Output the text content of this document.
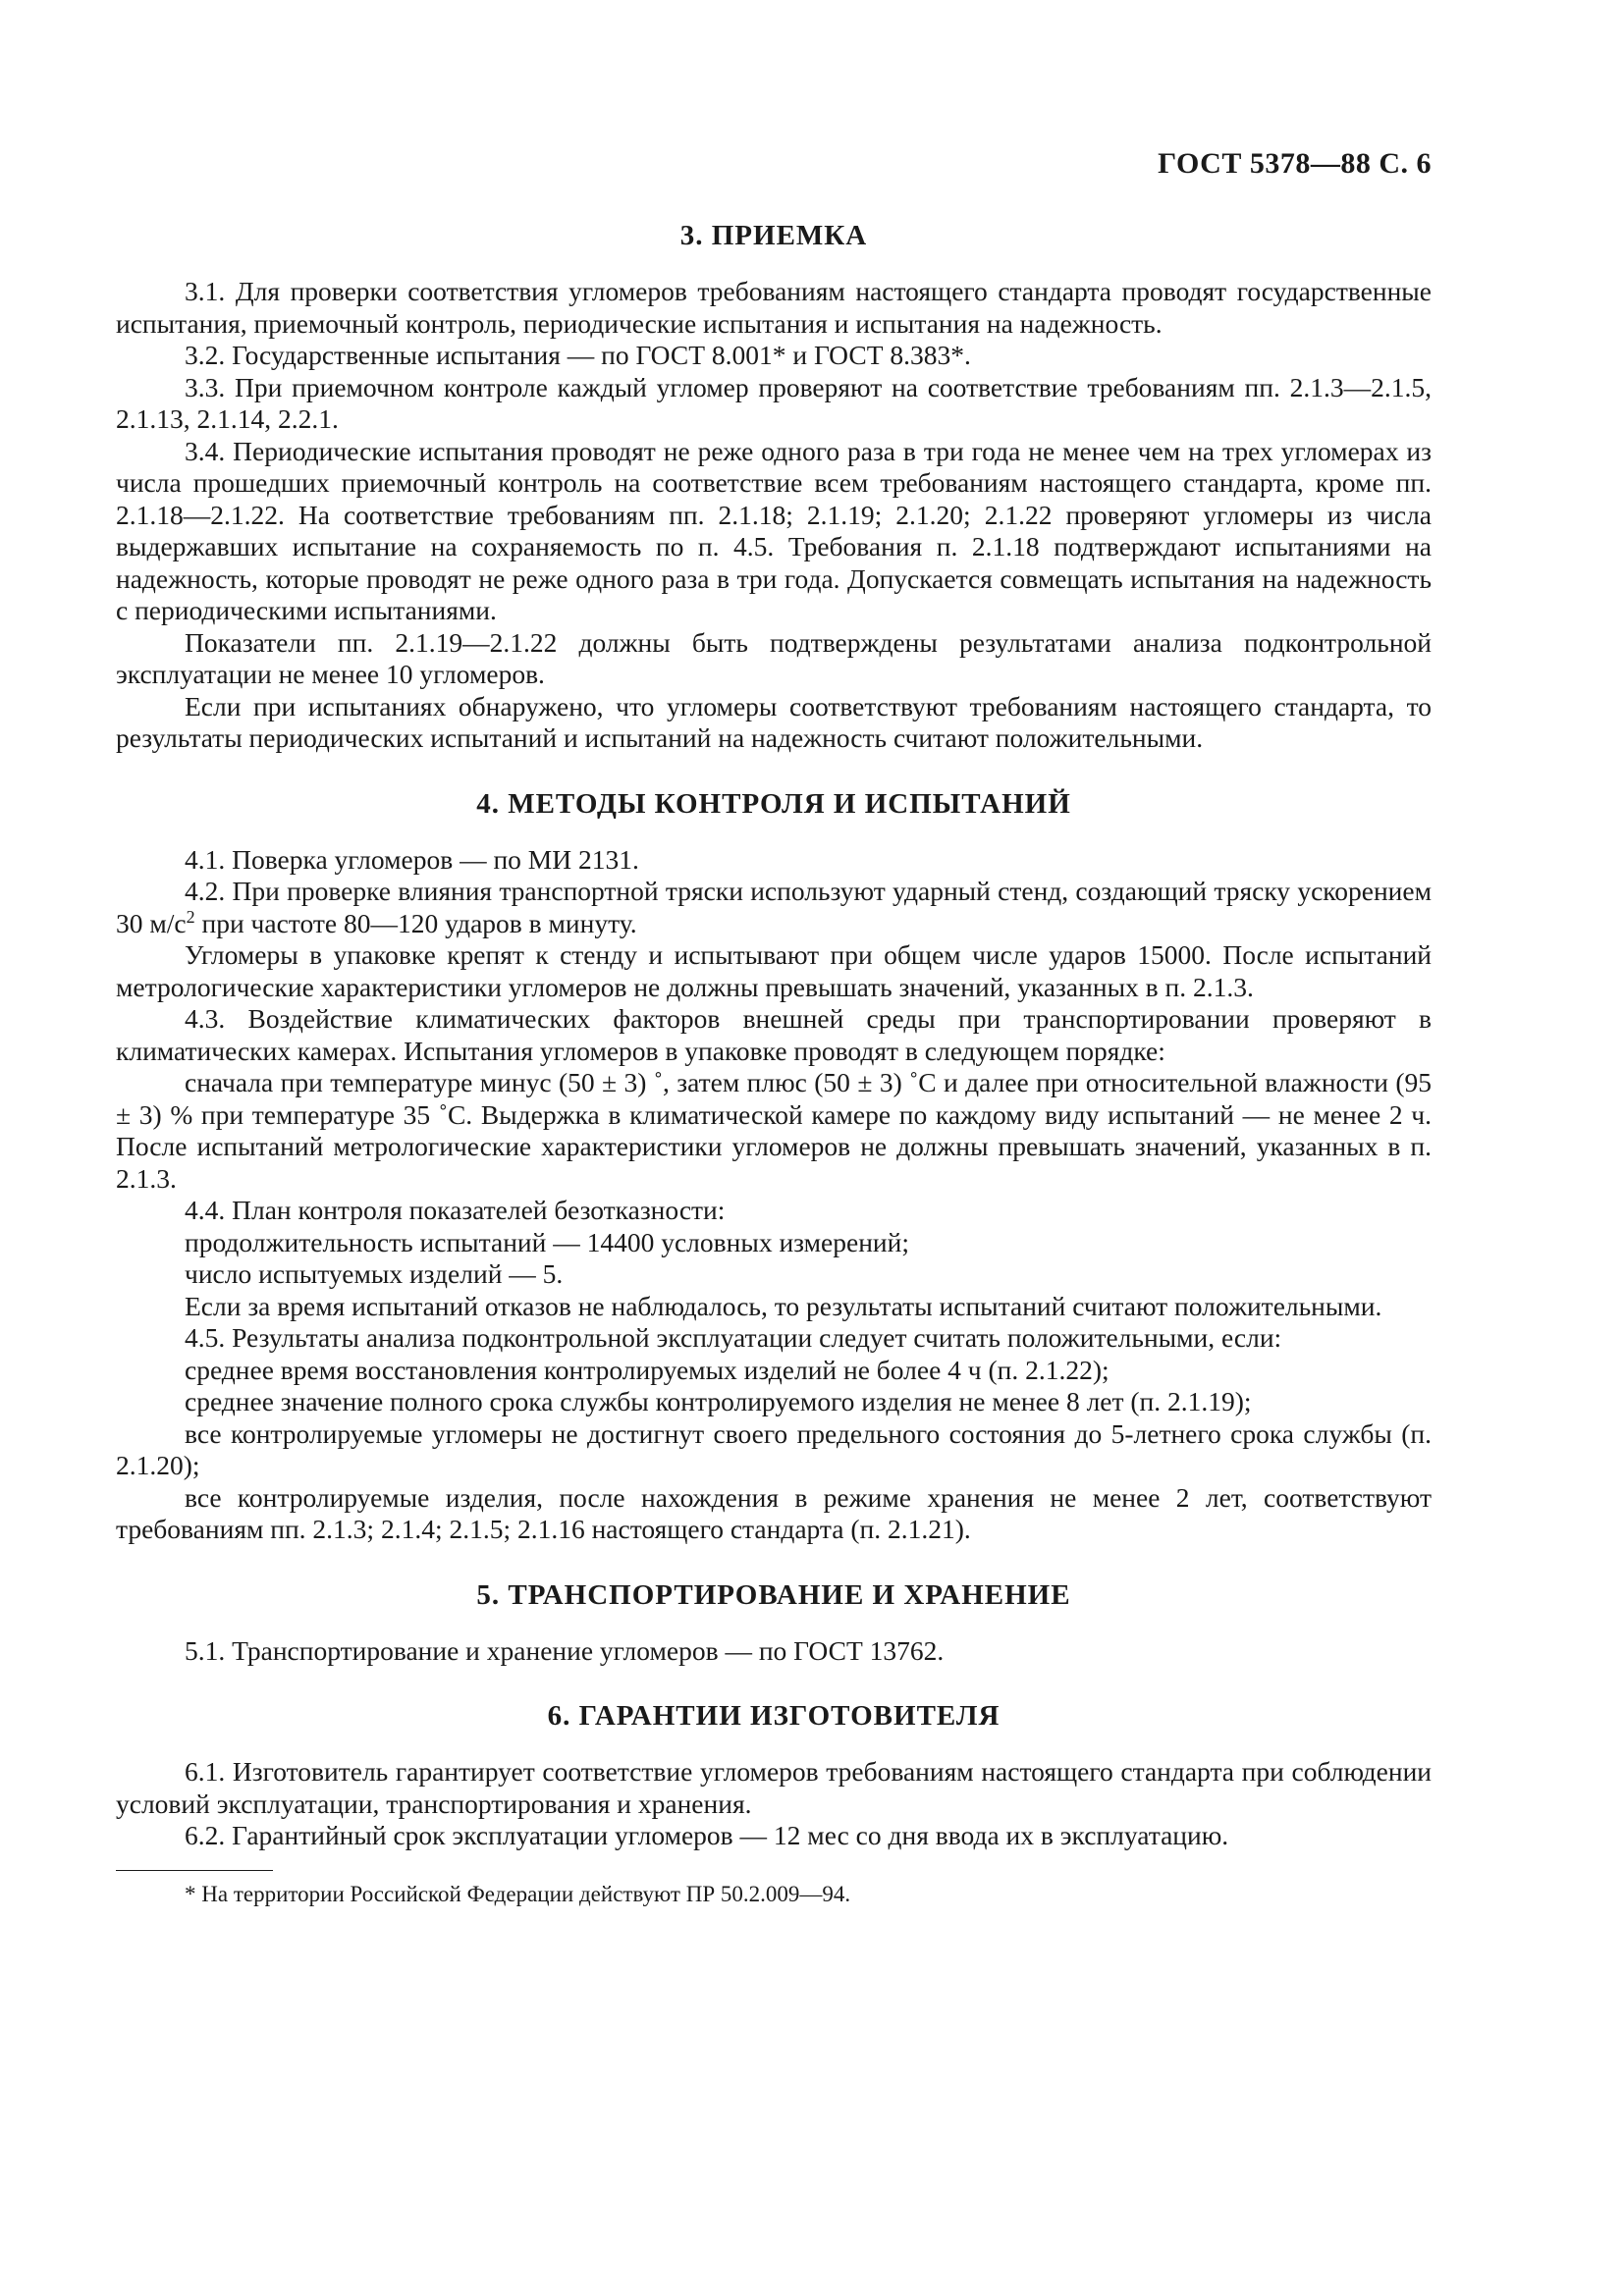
ГОСТ 5378—88 С. 6
3. ПРИЕМКА

3.1. Для проверки соответствия угломеров требованиям настоящего стандарта проводят государственные испытания, приемочный контроль, периодические испытания и испытания на надежность.

3.2. Государственные испытания — по ГОСТ 8.001* и ГОСТ 8.383*.

3.3. При приемочном контроле каждый угломер проверяют на соответствие требованиям пп. 2.1.3—2.1.5, 2.1.13, 2.1.14, 2.2.1.

3.4. Периодические испытания проводят не реже одного раза в три года не менее чем на трех угломерах из числа прошедших приемочный контроль на соответствие всем требованиям настоящего стандарта, кроме пп. 2.1.18—2.1.22. На соответствие требованиям пп. 2.1.18; 2.1.19; 2.1.20; 2.1.22 проверяют угломеры из числа выдержавших испытание на сохраняемость по п. 4.5. Требования п. 2.1.18 подтверждают испытаниями на надежность, которые проводят не реже одного раза в три года. Допускается совмещать испытания на надежность с периодическими испытаниями.

Показатели пп. 2.1.19—2.1.22 должны быть подтверждены результатами анализа подконтрольной эксплуатации не менее 10 угломеров.

Если при испытаниях обнаружено, что угломеры соответствуют требованиям настоящего стандарта, то результаты периодических испытаний и испытаний на надежность считают положительными.

4. МЕТОДЫ КОНТРОЛЯ И ИСПЫТАНИЙ

4.1. Поверка угломеров — по МИ 2131.

4.2. При проверке влияния транспортной тряски используют ударный стенд, создающий тряску ускорением 30 $м/с^2$ при частоте 80—120 ударов в минуту.

Угломеры в упаковке крепят к стенду и испытывают при общем числе ударов 15000. После испытаний метрологические характеристики угломеров не должны превышать значений, указанных в п. 2.1.3.

4.3. Воздействие климатических факторов внешней среды при транспортировании проверяют в климатических камерах. Испытания угломеров в упаковке проводят в следующем порядке:

сначала при температуре минус (50 ± 3) ˚, затем плюс (50 ± 3) ˚С и далее при относительной влажности (95 ± 3) % при температуре 35 ˚С. Выдержка в климатической камере по каждому виду испытаний — не менее 2 ч. После испытаний метрологические характеристики угломеров не должны превышать значений, указанных в п. 2.1.3.

4.4. План контроля показателей безотказности:

продолжительность испытаний — 14400 условных измерений;

число испытуемых изделий — 5.

Если за время испытаний отказов не наблюдалось, то результаты испытаний считают положительными.

4.5. Результаты анализа подконтрольной эксплуатации следует считать положительными, если:

среднее время восстановления контролируемых изделий не более 4 ч (п. 2.1.22);

среднее значение полного срока службы контролируемого изделия не менее 8 лет (п. 2.1.19);

все контролируемые угломеры не достигнут своего предельного состояния до 5-летнего срока службы (п. 2.1.20);

все контролируемые изделия, после нахождения в режиме хранения не менее 2 лет, соответствуют требованиям пп. 2.1.3; 2.1.4; 2.1.5; 2.1.16 настоящего стандарта (п. 2.1.21).

5. ТРАНСПОРТИРОВАНИЕ И ХРАНЕНИЕ

5.1. Транспортирование и хранение угломеров — по ГОСТ 13762.

6. ГАРАНТИИ ИЗГОТОВИТЕЛЯ

6.1. Изготовитель гарантирует соответствие угломеров требованиям настоящего стандарта при соблюдении условий эксплуатации, транспортирования и хранения.

6.2. Гарантийный срок эксплуатации угломеров — 12 мес со дня ввода их в эксплуатацию.

* На территории Российской Федерации действуют ПР 50.2.009—94.
